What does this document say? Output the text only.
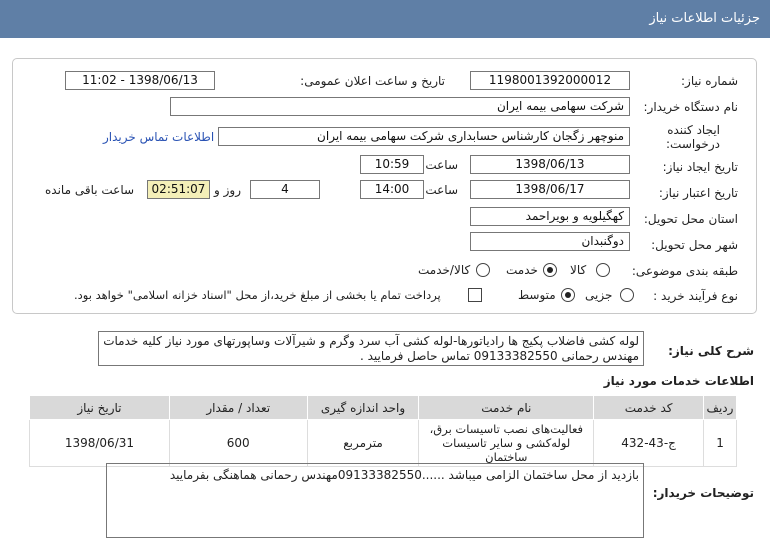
جزئیات اطلاعات نیاز
شماره نیاز:
1198001392000012
تاریخ و ساعت اعلان عمومی:
1398/06/13 - 11:02
نام دستگاه خریدار:
شرکت سهامی بیمه ایران
ایجاد کننده
درخواست:
منوچهر زگجان کارشناس حسابداری شرکت سهامی بیمه ایران
اطلاعات تماس خریدار
تاریخ ایجاد نیاز:
1398/06/13
ساعت
10:59
تاریخ اعتبار نیاز:
1398/06/17
ساعت
14:00
4
روز و
02:51:07
ساعت باقی مانده
استان محل تحویل:
کهگیلویه و بویراحمد
شهر محل تحویل:
دوگنبدان
طبقه بندی موضوعی:
کالا
خدمت
کالا/خدمت
نوع فرآیند خرید :
جزیی
متوسط
پرداخت تمام یا بخشی از مبلغ خرید،از محل "اسناد خزانه اسلامی" خواهد بود.
شرح کلی نیاز:
لوله کشی فاضلاب پکیج ها رادیاتورها-لوله کشی آب سرد وگرم و شیرآلات وساپورتهای مورد نیاز کلیه خدمات مهندس رحمانی 09133382550 تماس حاصل فرمایید .
اطلاعات خدمات مورد نیاز
ردیف	کد خدمت	نام خدمت	واحد اندازه گیری	تعداد / مقدار	تاریخ نیاز
1	ج-43-432	فعالیت‌های نصب تاسیسات برق، لوله‌کشی و سایر تاسیسات ساختمان	مترمربع	600	1398/06/31
توضیحات خریدار:
بازدید از محل ساختمان الزامی میباشد ......09133382550مهندس رحمانی هماهنگی بفرمایید
